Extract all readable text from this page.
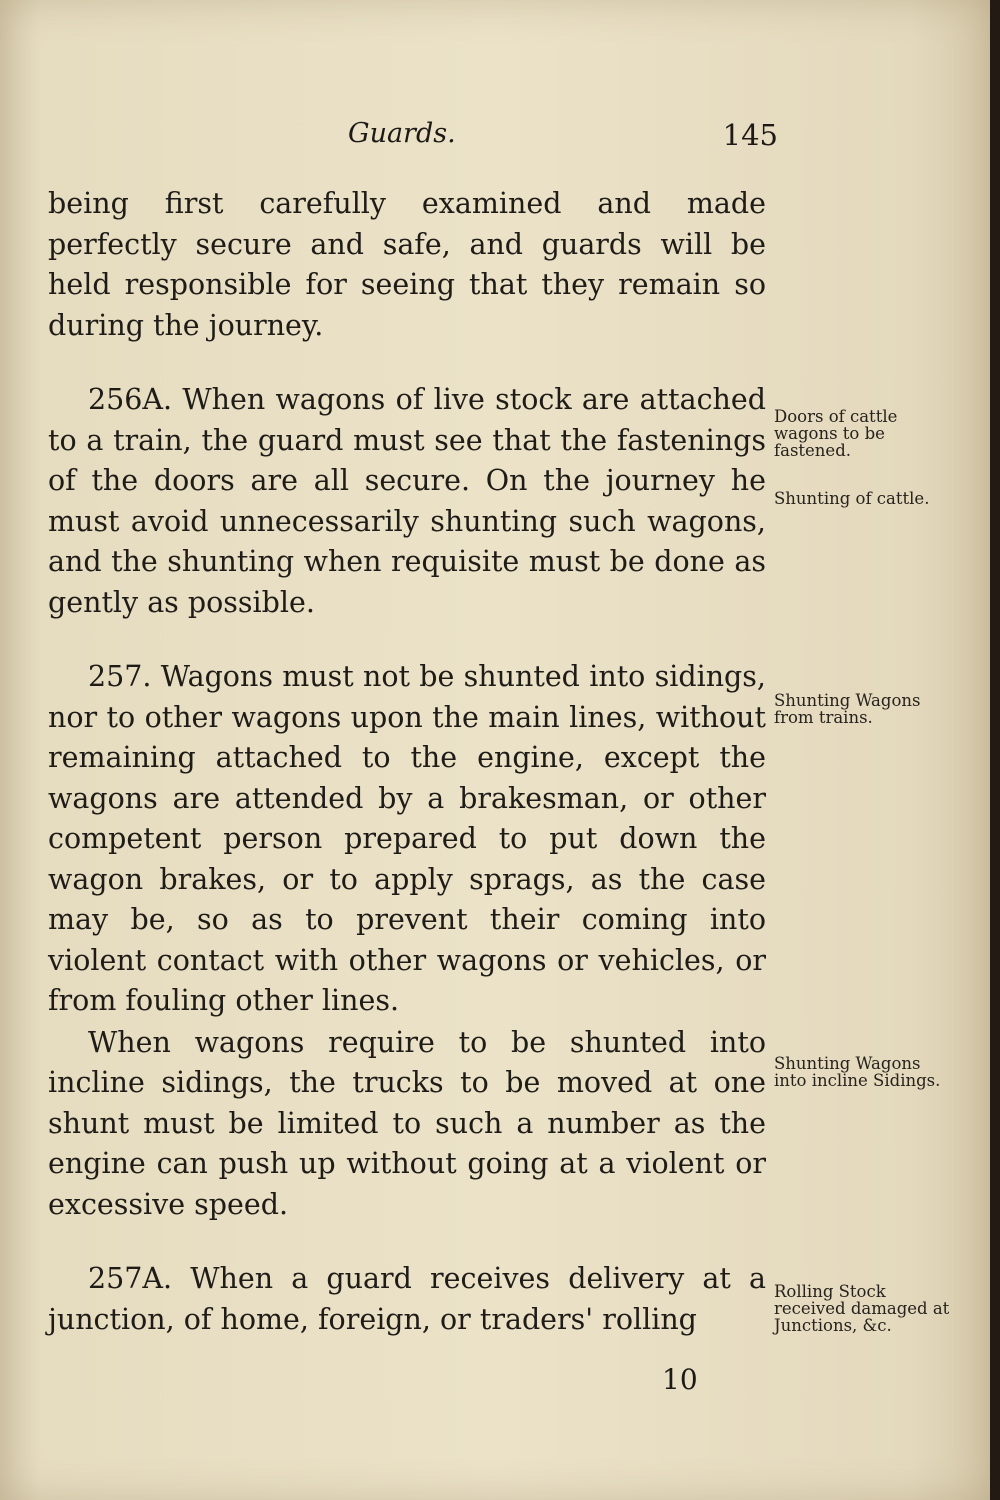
Guards.	145

being first carefully examined and made perfectly secure and safe, and guards will be held responsible for seeing that they remain so during the journey.

256A. When wagons of live stock are attached to a train, the guard must see that the fastenings of the doors are all secure. On the journey he must avoid unnecessarily shunting such wagons, and the shunting when requisite must be done as gently as possible.

257. Wagons must not be shunted into sidings, nor to other wagons upon the main lines, without remaining attached to the engine, except the wagons are attended by a brakesman, or other competent person prepared to put down the wagon brakes, or to apply sprags, as the case may be, so as to prevent their coming into violent contact with other wagons or vehicles, or from fouling other lines.

When wagons require to be shunted into incline sidings, the trucks to be moved at one shunt must be limited to such a number as the engine can push up without going at a violent or excessive speed.

257A. When a guard receives delivery at a junction, of home, foreign, or traders' rolling

Doors of cattle wagons to be fastened.
Shunting of cattle.
Shunting Wagons from trains.
Shunting Wagons into incline Sidings.
Rolling Stock received damaged at Junctions, &c.
10
